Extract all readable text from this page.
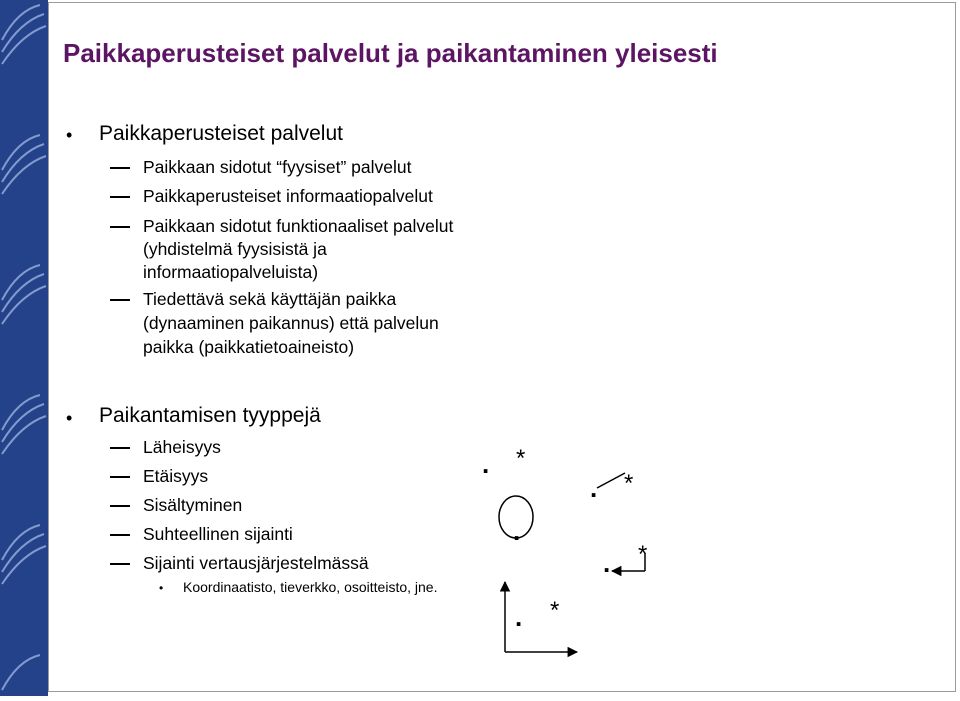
Paikkaperusteiset palvelut ja paikantaminen yleisesti
• Paikkaperusteiset palvelut
Paikkaan sidotut “fyysiset” palvelut
Paikkaperusteiset informaatiopalvelut
Paikkaan sidotut funktionaaliset palvelut
(yhdistelmä fyysisistä ja
informaatiopalveluista)
Tiedettävä sekä käyttäjän paikka
(dynaaminen paikannus) että palvelun
paikka (paikkatietoaineisto)
• Paikantamisen tyyppejä
Läheisyys
Etäisyys
Sisältyminen
Suhteellinen sijainti
Sijainti vertausjärjestelmässä
• Koordinaatisto, tieverkko, osoitteisto, jne.
. *
. *
.
. *
. *
